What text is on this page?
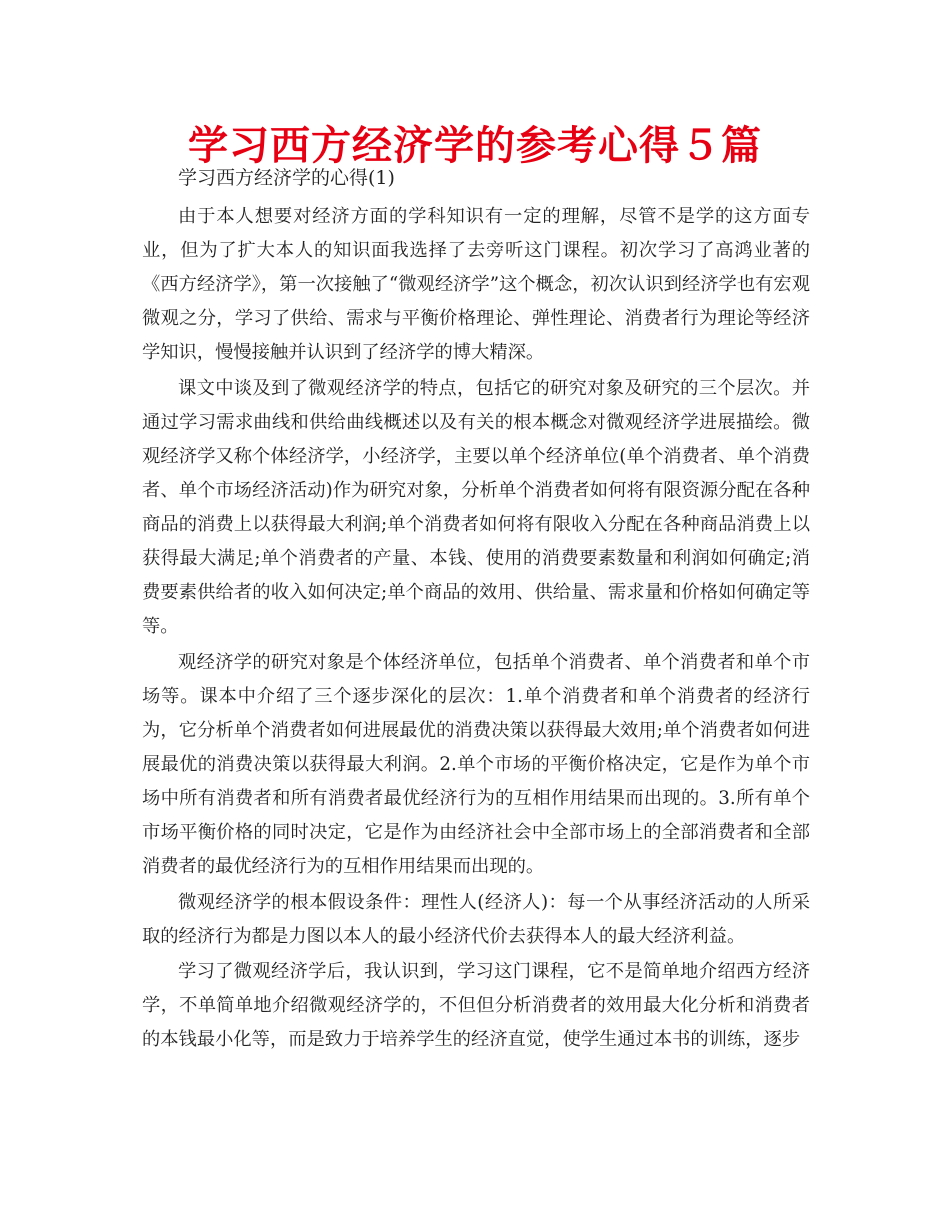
学习西方经济学的参考心得５篇
学习西方经济学的心得(1)

由于本人想要对经济方面的学科知识有一定的理解，尽管不是学的这方面专业，但为了扩大本人的知识面我选择了去旁听这门课程。初次学习了高鸿业著的《西方经济学》，第一次接触了“微观经济学”这个概念，初次认识到经济学也有宏观微观之分，学习了供给、需求与平衡价格理论、弹性理论、消费者行为理论等经济学知识，慢慢接触并认识到了经济学的博大精深。

课文中谈及到了微观经济学的特点，包括它的研究对象及研究的三个层次。并通过学习需求曲线和供给曲线概述以及有关的根本概念对微观经济学进展描绘。微观经济学又称个体经济学，小经济学，主要以单个经济单位(单个消费者、单个消费者、单个市场经济活动)作为研究对象，分析单个消费者如何将有限资源分配在各种商品的消费上以获得最大利润;单个消费者如何将有限收入分配在各种商品消费上以获得最大满足;单个消费者的产量、本钱、使用的消费要素数量和利润如何确定;消费要素供给者的收入如何决定;单个商品的效用、供给量、需求量和价格如何确定等等。

观经济学的研究对象是个体经济单位，包括单个消费者、单个消费者和单个市场等。课本中介绍了三个逐步深化的层次：1.单个消费者和单个消费者的经济行为，它分析单个消费者如何进展最优的消费决策以获得最大效用;单个消费者如何进展最优的消费决策以获得最大利润。2.单个市场的平衡价格决定，它是作为单个市场中所有消费者和所有消费者最优经济行为的互相作用结果而出现的。3.所有单个市场平衡价格的同时决定，它是作为由经济社会中全部市场上的全部消费者和全部消费者的最优经济行为的互相作用结果而出现的。

微观经济学的根本假设条件：理性人(经济人)：每一个从事经济活动的人所采取的经济行为都是力图以本人的最小经济代价去获得本人的最大经济利益。

学习了微观经济学后，我认识到，学习这门课程，它不是简单地介绍西方经济学，不单简单地介绍微观经济学的，不但但分析消费者的效用最大化分析和消费者的本钱最小化等，而是致力于培养学生的经济直觉，使学生通过本书的训练，逐步
